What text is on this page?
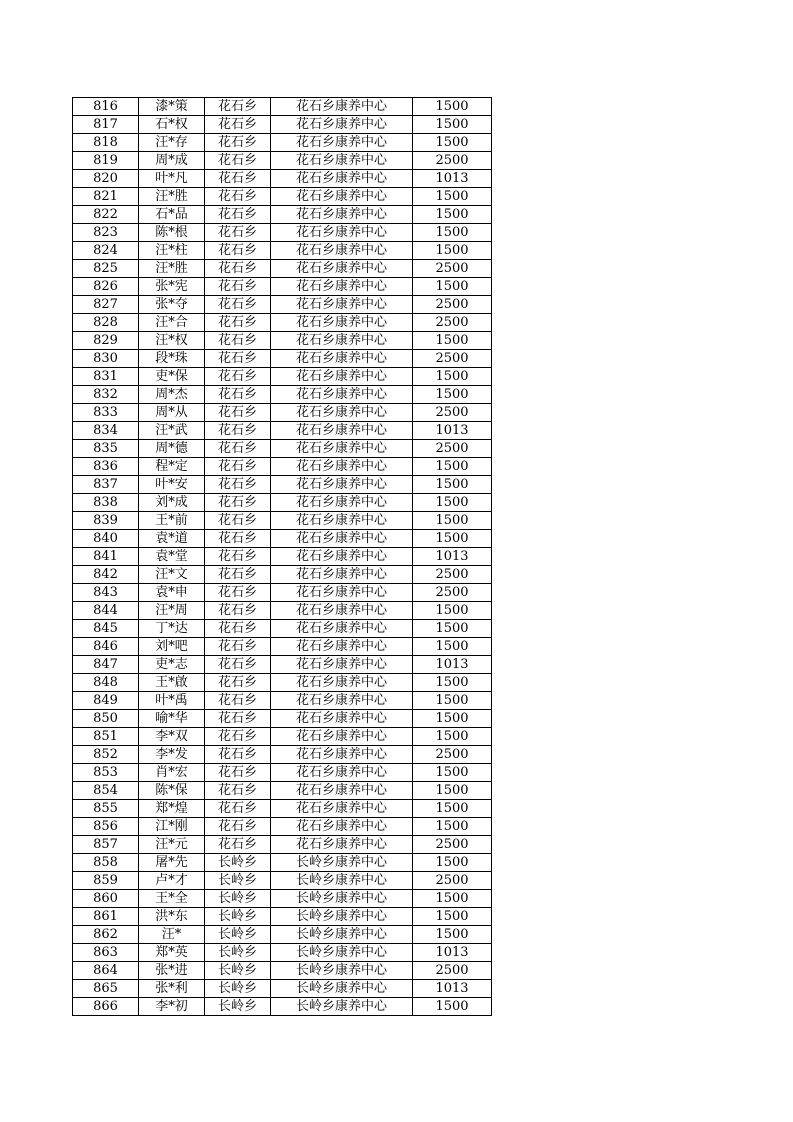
816	漆*策	花石乡	花石乡康养中心	1500
817	石*权	花石乡	花石乡康养中心	1500
818	汪*存	花石乡	花石乡康养中心	1500
819	周*成	花石乡	花石乡康养中心	2500
820	叶*凡	花石乡	花石乡康养中心	1013
821	汪*胜	花石乡	花石乡康养中心	1500
822	石*品	花石乡	花石乡康养中心	1500
823	陈*根	花石乡	花石乡康养中心	1500
824	汪*柱	花石乡	花石乡康养中心	1500
825	汪*胜	花石乡	花石乡康养中心	2500
826	张*宪	花石乡	花石乡康养中心	1500
827	张*夺	花石乡	花石乡康养中心	2500
828	汪*合	花石乡	花石乡康养中心	2500
829	汪*权	花石乡	花石乡康养中心	1500
830	段*珠	花石乡	花石乡康养中心	2500
831	吏*保	花石乡	花石乡康养中心	1500
832	周*杰	花石乡	花石乡康养中心	1500
833	周*从	花石乡	花石乡康养中心	2500
834	汪*武	花石乡	花石乡康养中心	1013
835	周*德	花石乡	花石乡康养中心	2500
836	程*定	花石乡	花石乡康养中心	1500
837	叶*安	花石乡	花石乡康养中心	1500
838	刘*成	花石乡	花石乡康养中心	1500
839	王*前	花石乡	花石乡康养中心	1500
840	袁*道	花石乡	花石乡康养中心	1500
841	袁*堂	花石乡	花石乡康养中心	1013
842	汪*文	花石乡	花石乡康养中心	2500
843	袁*申	花石乡	花石乡康养中心	2500
844	汪*周	花石乡	花石乡康养中心	1500
845	丁*达	花石乡	花石乡康养中心	1500
846	刘*吧	花石乡	花石乡康养中心	1500
847	吏*志	花石乡	花石乡康养中心	1013
848	王*啟	花石乡	花石乡康养中心	1500
849	叶*禹	花石乡	花石乡康养中心	1500
850	喻*华	花石乡	花石乡康养中心	1500
851	李*双	花石乡	花石乡康养中心	1500
852	李*发	花石乡	花石乡康养中心	2500
853	肖*宏	花石乡	花石乡康养中心	1500
854	陈*保	花石乡	花石乡康养中心	1500
855	郑*煌	花石乡	花石乡康养中心	1500
856	江*刚	花石乡	花石乡康养中心	1500
857	汪*元	花石乡	花石乡康养中心	2500
858	屠*先	长岭乡	长岭乡康养中心	1500
859	卢*才	长岭乡	长岭乡康养中心	2500
860	王*全	长岭乡	长岭乡康养中心	1500
861	洪*东	长岭乡	长岭乡康养中心	1500
862	汪*	长岭乡	长岭乡康养中心	1500
863	郑*英	长岭乡	长岭乡康养中心	1013
864	张*进	长岭乡	长岭乡康养中心	2500
865	张*利	长岭乡	长岭乡康养中心	1013
866	李*初	长岭乡	长岭乡康养中心	1500
